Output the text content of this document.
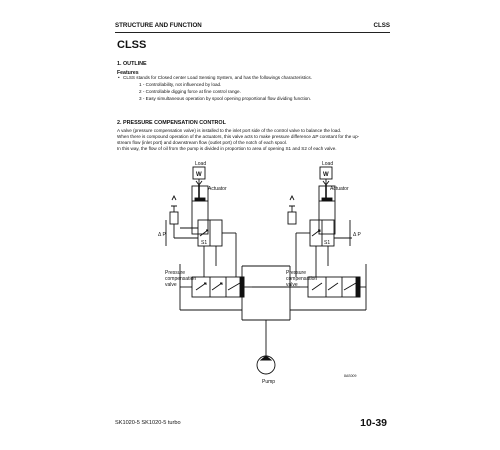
STRUCTURE AND FUNCTION	CLSS
CLSS
1. OUTLINE
Features
• CLSS stands for Closed center Load Sensing System, and has the followings characteristics.
1 - Controllability, not influenced by load.
2 - Controllable digging force at fine control range.
3 - Easy simultaneous operation by spool opening proportional flow dividing function.
2. PRESSURE COMPENSATION CONTROL
A valve (pressure compensation valve) is installed to the inlet port side of the control valve to balance the load.
When there is compound operation of the actuators, this valve acts to make pressure difference ΔP constant for the up-
stream flow (inlet port) and downstream flow (outlet port) of the notch of each spool.
In this way, the flow of oil from the pump is divided in proportion to area of opening S1 and S2 of each valve.
Load
W
Actuator
S1
Δ P
Pressure
compensation
valve
Load
W
Actuator
S1
Δ P
Pressure
compensation
valve
Pump
8AS009
SK1020-5 SK1020-5 turbo	10-39
